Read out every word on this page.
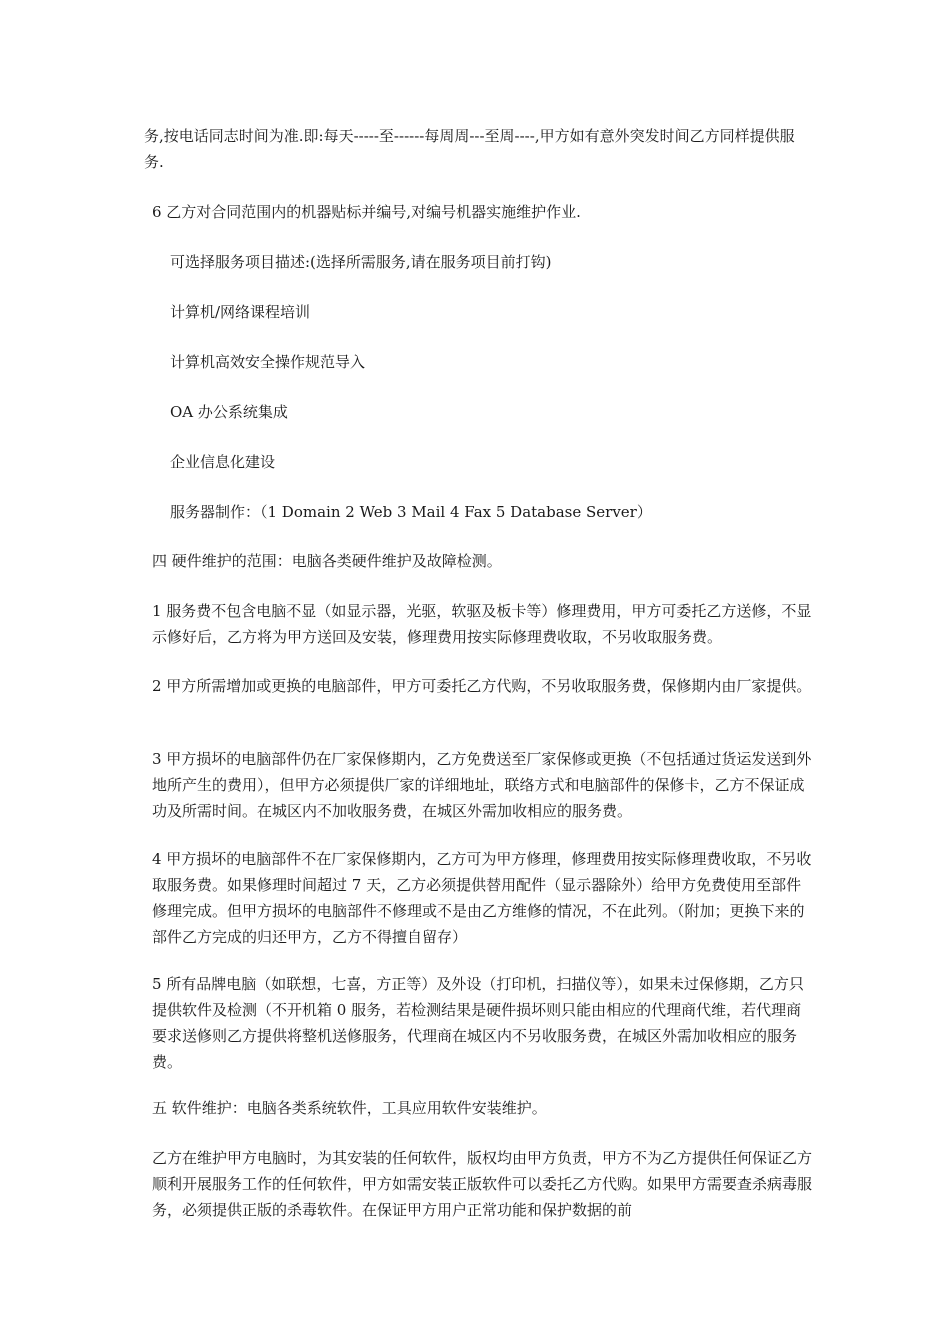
务,按电话同志时间为准.即:每天-----至------每周周---至周----,甲方如有意外突发时间乙方同样提供服务.

6 乙方对合同范围内的机器贴标并编号,对编号机器实施维护作业.

可选择服务项目描述:(选择所需服务,请在服务项目前打钩)

计算机/网络课程培训

计算机高效安全操作规范导入

OA 办公系统集成

企业信息化建设

服务器制作：（1 Domain 2 Web 3 Mail 4 Fax 5 Database Server）

四 硬件维护的范围：电脑各类硬件维护及故障检测。

1 服务费不包含电脑不显（如显示器，光驱，软驱及板卡等）修理费用，甲方可委托乙方送修，不显示修好后，乙方将为甲方送回及安装，修理费用按实际修理费收取，不另收取服务费。

2 甲方所需增加或更换的电脑部件，甲方可委托乙方代购，不另收取服务费，保修期内由厂家提供。

3 甲方损坏的电脑部件仍在厂家保修期内，乙方免费送至厂家保修或更换（不包括通过货运发送到外地所产生的费用），但甲方必须提供厂家的详细地址，联络方式和电脑部件的保修卡，乙方不保证成功及所需时间。在城区内不加收服务费，在城区外需加收相应的服务费。

4 甲方损坏的电脑部件不在厂家保修期内，乙方可为甲方修理，修理费用按实际修理费收取，不另收取服务费。如果修理时间超过 7 天，乙方必须提供替用配件（显示器除外）给甲方免费使用至部件修理完成。但甲方损坏的电脑部件不修理或不是由乙方维修的情况，不在此列。（附加；更换下来的部件乙方完成的归还甲方，乙方不得擅自留存）

5 所有品牌电脑（如联想，七喜，方正等）及外设（打印机，扫描仪等），如果未过保修期，乙方只提供软件及检测（不开机箱 0 服务，若检测结果是硬件损坏则只能由相应的代理商代维，若代理商要求送修则乙方提供将整机送修服务，代理商在城区内不另收服务费，在城区外需加收相应的服务费。

五 软件维护：电脑各类系统软件，工具应用软件安装维护。

乙方在维护甲方电脑时，为其安装的任何软件，版权均由甲方负责，甲方不为乙方提供任何保证乙方顺利开展服务工作的任何软件，甲方如需安装正版软件可以委托乙方代购。如果甲方需要查杀病毒服务，必须提供正版的杀毒软件。在保证甲方用户正常功能和保护数据的前
